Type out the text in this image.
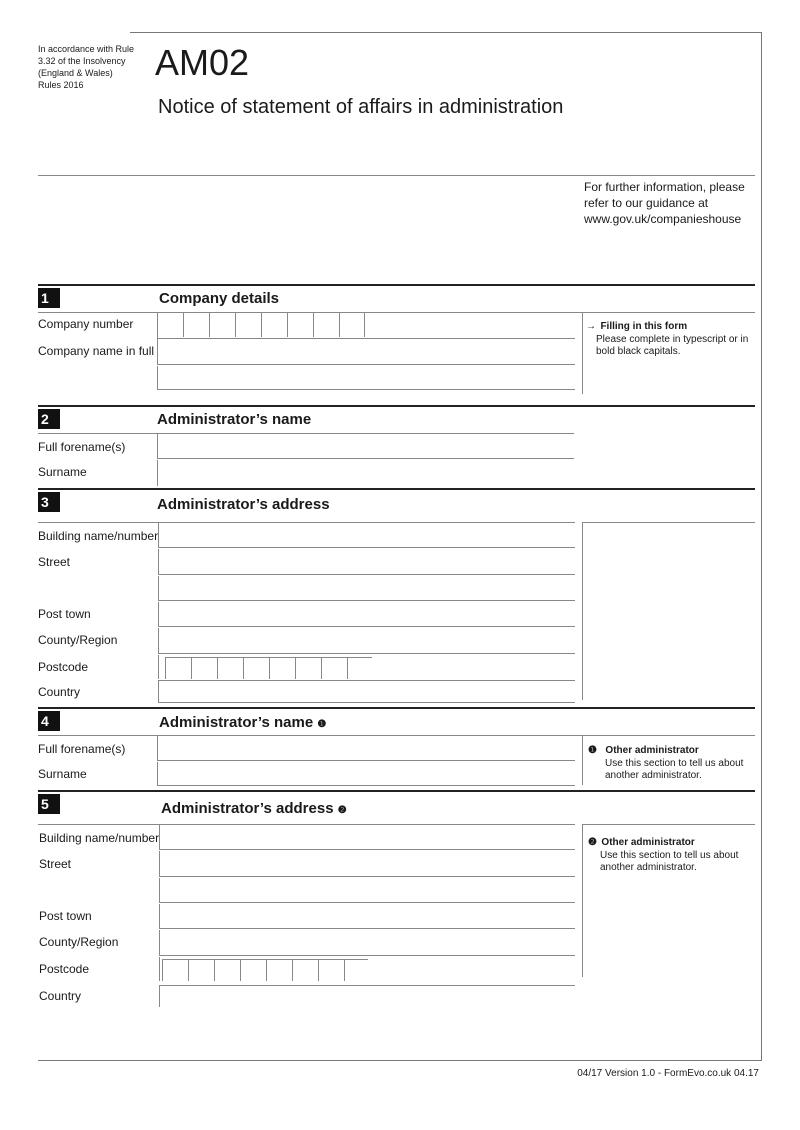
In accordance with Rule 3.32 of the Insolvency (England & Wales) Rules 2016
AM02
Notice of statement of affairs in administration
For further information, please refer to our guidance at www.gov.uk/companieshouse
1	Company details
Company number
Company name in full
→ Filling in this form
Please complete in typescript or in bold black capitals.
2	Administrator’s name
Full forename(s)
Surname
3	Administrator’s address
Building name/number
Street
Post town
County/Region
Postcode
Country
4	Administrator’s name ❶
Full forename(s)
Surname
❶ Other administrator
Use this section to tell us about another administrator.
5	Administrator’s address ❷
❷ Other administrator
Use this section to tell us about another administrator.
Building name/number
Street
Post town
County/Region
Postcode
Country
04/17 Version 1.0 - FormEvo.co.uk 04.17
